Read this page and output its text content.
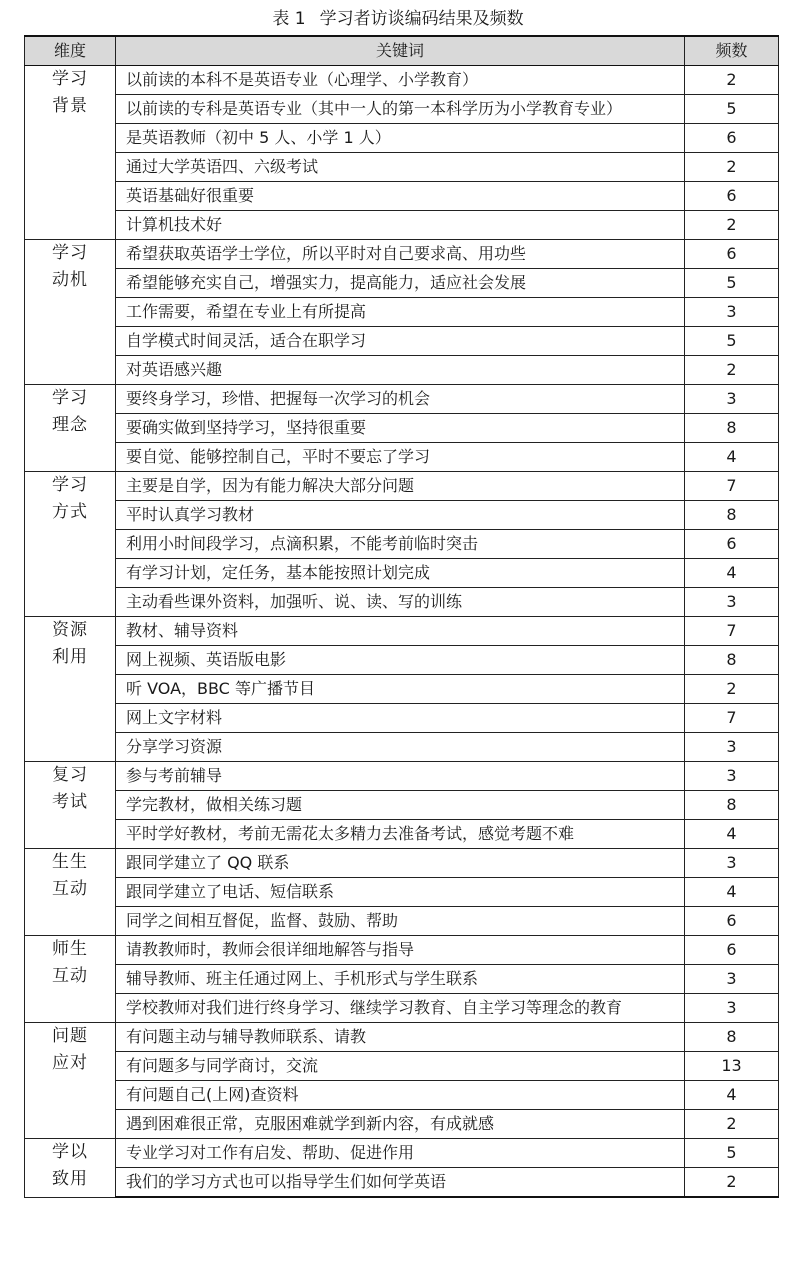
表 1 学习者访谈编码结果及频数
维度	关键词	频数

学习
背景	以前读的本科不是英语专业（心理学、小学教育）	2
	以前读的专科是英语专业（其中一人的第一本科学历为小学教育专业）	5
	是英语教师（初中 5 人、小学 1 人）	6
	通过大学英语四、六级考试	2
	英语基础好很重要	6
	计算机技术好	2

学习
动机	希望获取英语学士学位，所以平时对自己要求高、用功些	6
	希望能够充实自己，增强实力，提高能力，适应社会发展	5
	工作需要，希望在专业上有所提高	3
	自学模式时间灵活，适合在职学习	5
	对英语感兴趣	2

学习
理念	要终身学习，珍惜、把握每一次学习的机会	3
	要确实做到坚持学习，坚持很重要	8
	要自觉、能够控制自己，平时不要忘了学习	4

学习
方式	主要是自学，因为有能力解决大部分问题	7
	平时认真学习教材	8
	利用小时间段学习，点滴积累，不能考前临时突击	6
	有学习计划，定任务，基本能按照计划完成	4
	主动看些课外资料，加强听、说、读、写的训练	3

资源
利用	教材、辅导资料	7
	网上视频、英语版电影	8
	听 VOA，BBC 等广播节目	2
	网上文字材料	7
	分享学习资源	3

复习
考试	参与考前辅导	3
	学完教材，做相关练习题	8
	平时学好教材，考前无需花太多精力去准备考试，感觉考题不难	4

生生
互动	跟同学建立了 QQ 联系	3
	跟同学建立了电话、短信联系	4
	同学之间相互督促，监督、鼓励、帮助	6

师生
互动	请教教师时，教师会很详细地解答与指导	6
	辅导教师、班主任通过网上、手机形式与学生联系	3
	学校教师对我们进行终身学习、继续学习教育、自主学习等理念的教育	3

问题
应对	有问题主动与辅导教师联系、请教	8
	有问题多与同学商讨，交流	13
	有问题自己(上网)查资料	4
	遇到困难很正常，克服困难就学到新内容，有成就感	2

学以
致用	专业学习对工作有启发、帮助、促进作用	5
	我们的学习方式也可以指导学生们如何学英语	2
